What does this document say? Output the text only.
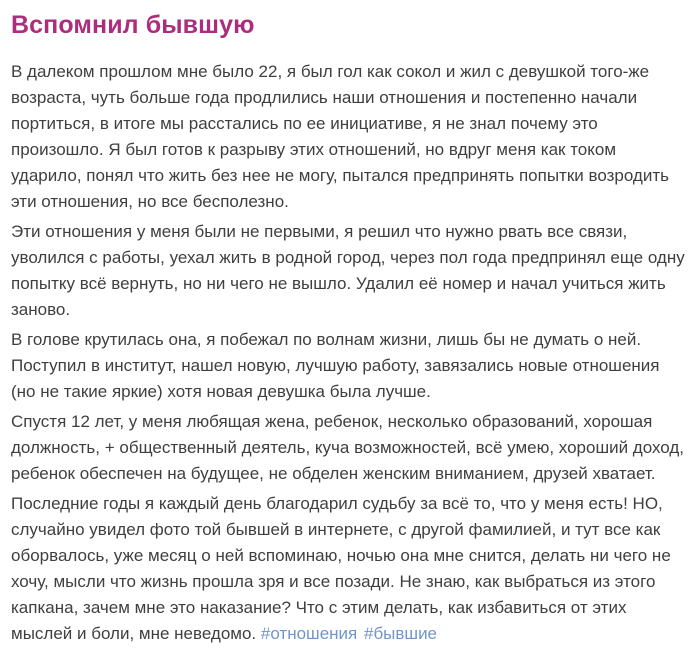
Вспомнил бывшую

В далеком прошлом мне было 22, я был гол как сокол и жил с девушкой того-же возраста, чуть больше года продлились наши отношения и постепенно начали портиться, в итоге мы расстались по ее инициативе, я не знал почему это произошло. Я был готов к разрыву этих отношений, но вдруг меня как током ударило, понял что жить без нее не могу, пытался предпринять попытки возродить эти отношения, но все бесполезно.

Эти отношения у меня были не первыми, я решил что нужно рвать все связи, уволился с работы, уехал жить в родной город, через пол года предпринял еще одну попытку всё вернуть, но ни чего не вышло. Удалил её номер и начал учиться жить заново.

В голове крутилась она, я побежал по волнам жизни, лишь бы не думать о ней. Поступил в институт, нашел новую, лучшую работу, завязались новые отношения (но не такие яркие) хотя новая девушка была лучше.

Спустя 12 лет, у меня любящая жена, ребенок, несколько образований, хорошая должность, + общественный деятель, куча возможностей, всё умею, хороший доход, ребенок обеспечен на будущее, не обделен женским вниманием, друзей хватает.

Последние годы я каждый день благодарил судьбу за всё то, что у меня есть! НО, случайно увидел фото той бывшей в интернете, с другой фамилией, и тут все как оборвалось, уже месяц о ней вспоминаю, ночью она мне снится, делать ни чего не хочу, мысли что жизнь прошла зря и все позади. Не знаю, как выбраться из этого капкана, зачем мне это наказание? Что с этим делать, как избавиться от этих мыслей и боли, мне неведомо. #отношения #бывшие
